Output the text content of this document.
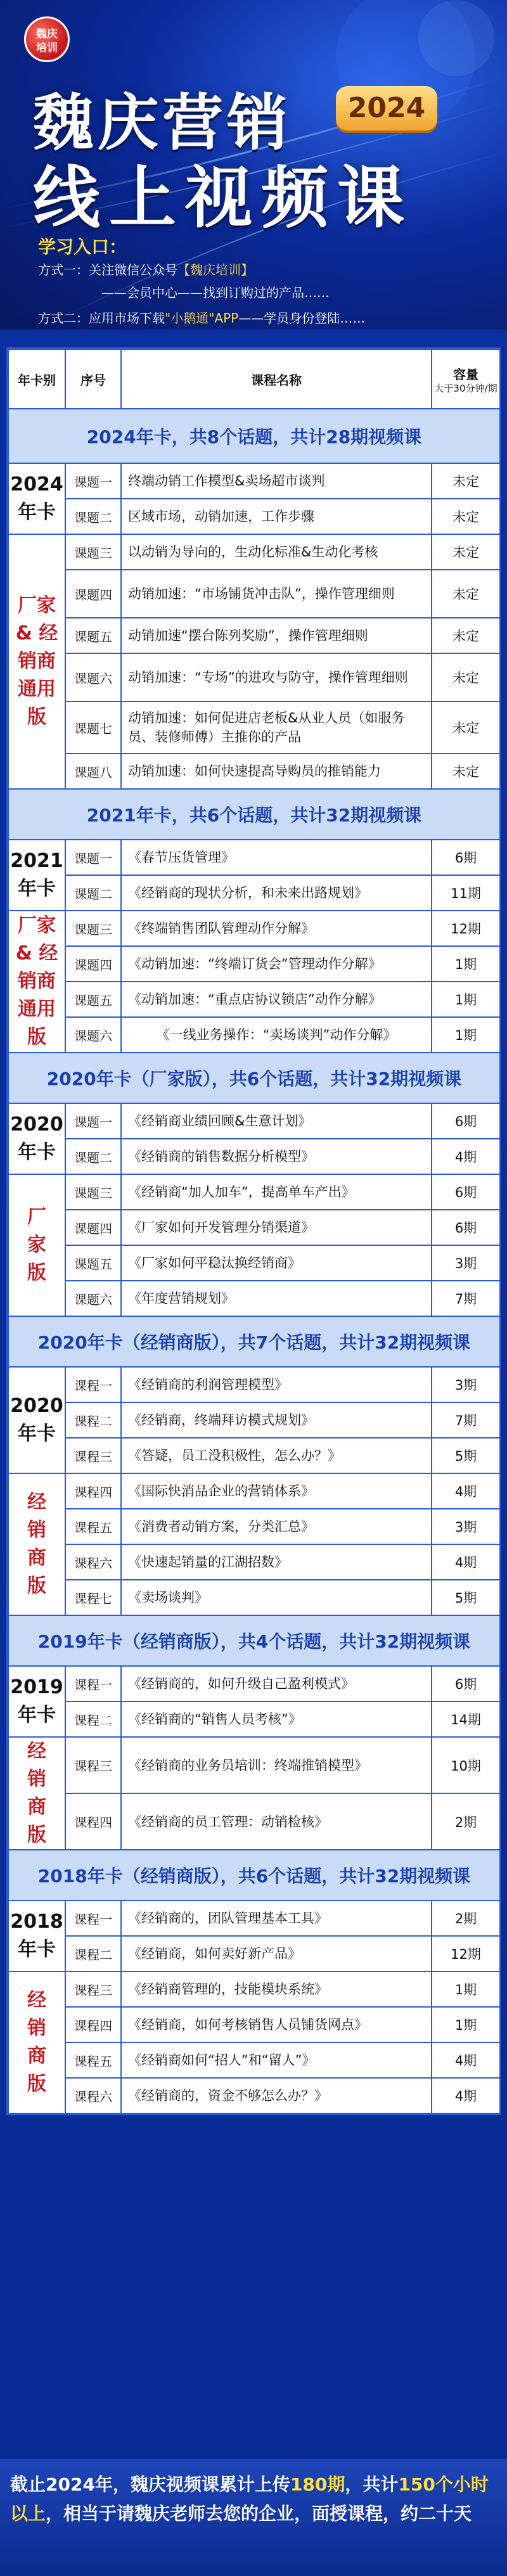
魏庆
培训
魏庆营销	2024
线上视频课
学习入口：
方式一：关注微信公众号【魏庆培训】
——会员中心——找到订购过的产品……
方式二：应用市场下载"小鹅通"APP——学员身份登陆……
年卡别	序号	课程名称	容量
大于30分钟/期

2024年卡，共8个话题，共计28期视频课			

2024
年卡	课题一	终端动销工作模型&卖场超市谈判	未定
	课题二	区域市场，动销加速，工作步骤	未定

厂家
& 经
销商
通用
版	课题三	以动销为导向的，生动化标准&生动化考核	未定
	课题四	动销加速：“市场铺货冲击队”，操作管理细则	未定
	课题五	动销加速“摆台陈列奖励”，操作管理细则	未定
	课题六	动销加速：“专场”的进攻与防守，操作管理细则	未定
	课题七	动销加速：如何促进店老板&从业人员（如服务员、装修师傅）主推你的产品	未定
	课题八	动销加速：如何快速提高导购员的推销能力	未定
2021年卡，共6个话题，共计32期视频课			

2021
年卡	课题一	《春节压货管理》	6期
	课题二	《经销商的现状分析，和未来出路规划》	11期

厂家
& 经
销商
通用
版	课题三	《终端销售团队管理动作分解》	12期
	课题四	《动销加速：“终端订货会”管理动作分解》	1期
	课题五	《动销加速：“重点店协议锁店”动作分解》	1期
	课题六	《一线业务操作：“卖场谈判”动作分解》	1期
2020年卡（厂家版），共6个话题，共计32期视频课			

2020
年卡	课题一	《经销商业绩回顾&生意计划》	6期
	课题二	《经销商的销售数据分析模型》	4期

厂
家
版	课题三	《经销商“加人加车”，提高单车产出》	6期
	课题四	《厂家如何开发管理分销渠道》	6期
	课题五	《厂家如何平稳汰换经销商》	3期
	课题六	《年度营销规划》	7期
2020年卡（经销商版），共7个话题，共计32期视频课			

2020
年卡	课程一	《经销商的利润管理模型》	3期
	课程二	《经销商，终端拜访模式规划》	7期
	课程三	《答疑，员工没积极性，怎么办？》	5期

经
销
商
版	课程四	《国际快消品企业的营销体系》	4期
	课程五	《消费者动销方案，分类汇总》	3期
	课程六	《快速起销量的江湖招数》	4期
	课程七	《卖场谈判》	5期
2019年卡（经销商版），共4个话题，共计32期视频课			

2019
年卡	课程一	《经销商的，如何升级自己盈利模式》	6期
	课程二	《经销商的“销售人员考核”》	14期

经
销
商
版	课程三	《经销商的业务员培训：终端推销模型》	10期
	课程四	《经销商的员工管理：动销检核》	2期
2018年卡（经销商版），共6个话题，共计32期视频课			

2018
年卡	课程一	《经销商的，团队管理基本工具》	2期
	课程二	《经销商，如何卖好新产品》	12期

经
销
商
版	课程三	《经销商管理的，技能模块系统》	1期
	课程四	《经销商，如何考核销售人员铺货网点》	1期
	课程五	《经销商如何“招人”和“留人”》	4期
	课程六	《经销商的，资金不够怎么办？》	4期
截止2024年，魏庆视频课累计上传180期，共计150个小时以上，相当于请魏庆老师去您的企业，面授课程，约二十天
